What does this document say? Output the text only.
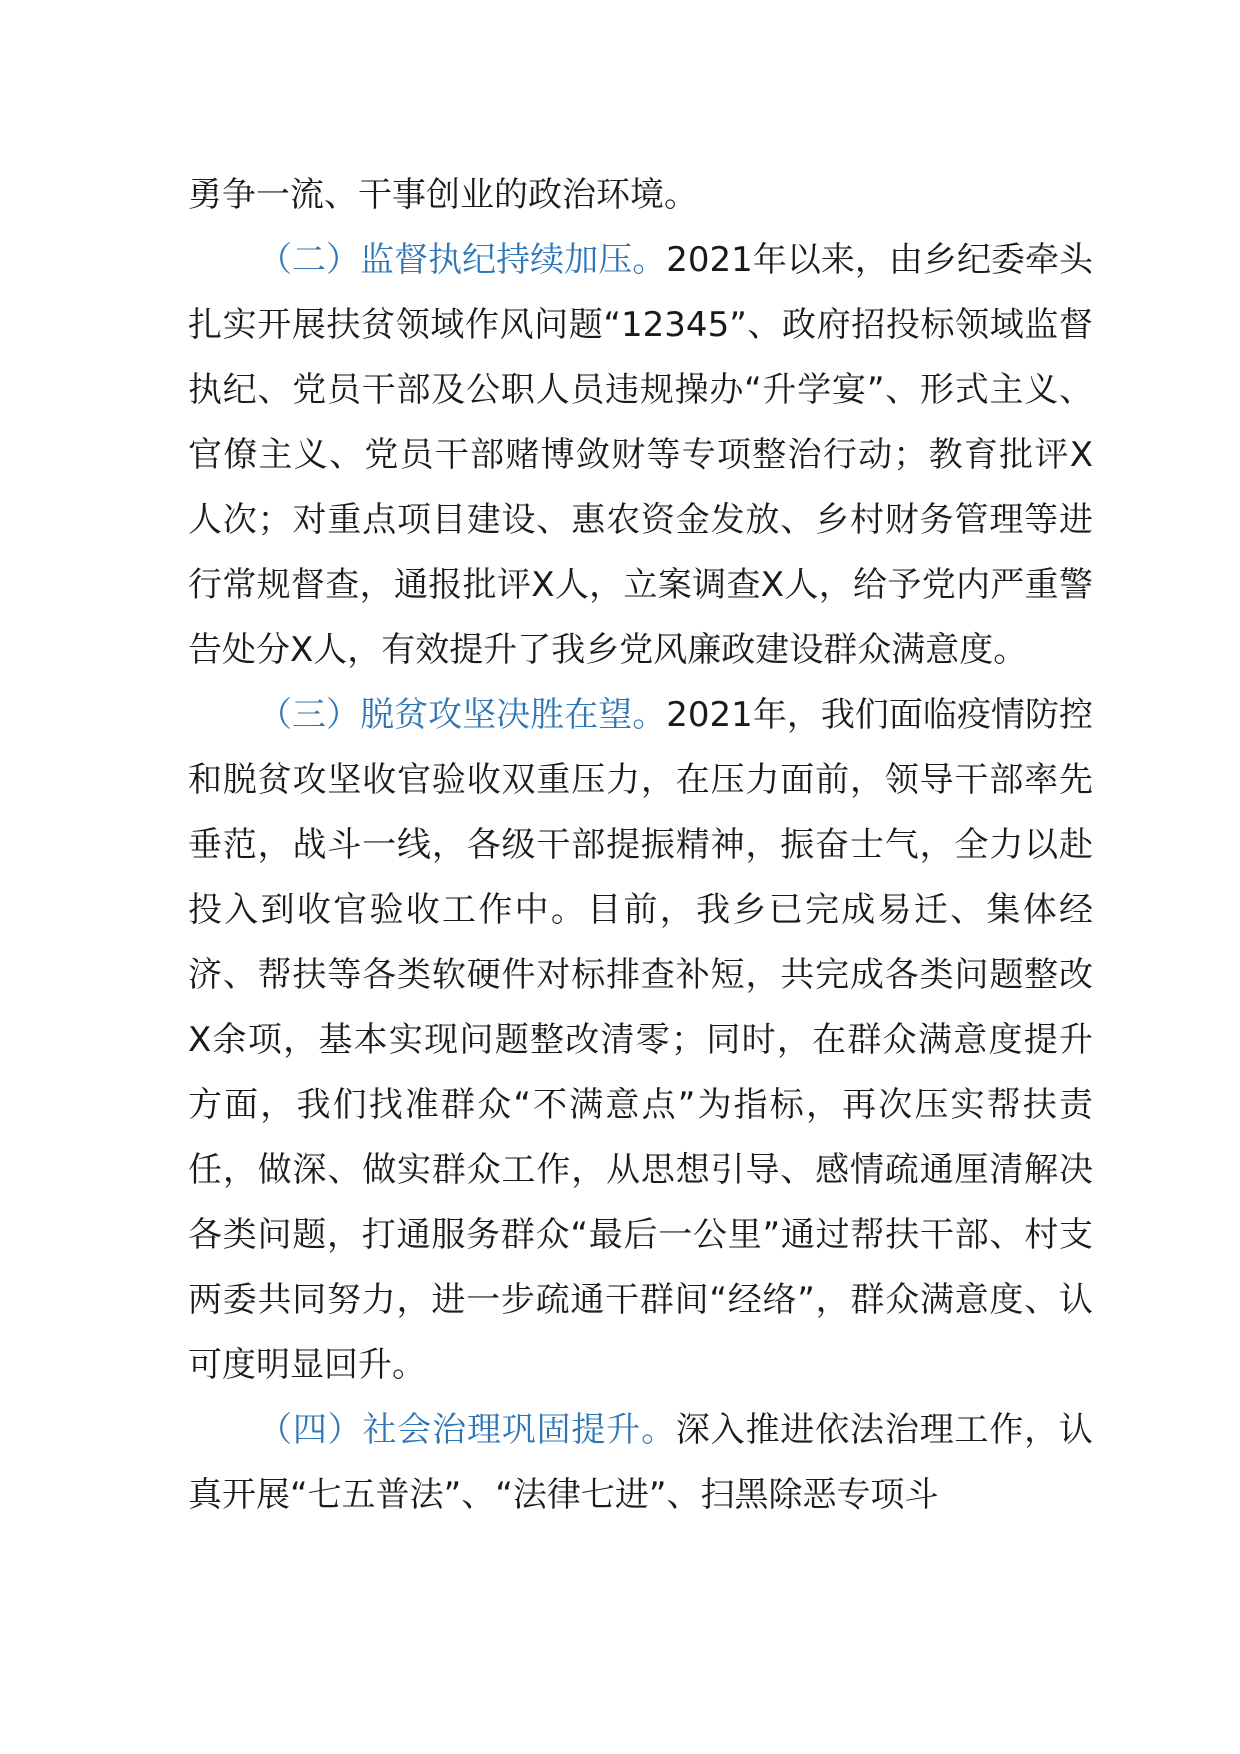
勇争一流、干事创业的政治环境。

（二）监督执纪持续加压。2021年以来，由乡纪委牵头扎实开展扶贫领域作风问题“12345”、政府招投标领域监督执纪、党员干部及公职人员违规操办“升学宴”、形式主义、官僚主义、党员干部赌博敛财等专项整治行动；教育批评X人次；对重点项目建设、惠农资金发放、乡村财务管理等进行常规督查，通报批评X人，立案调查X人，给予党内严重警告处分X人，有效提升了我乡党风廉政建设群众满意度。

（三）脱贫攻坚决胜在望。2021年，我们面临疫情防控和脱贫攻坚收官验收双重压力，在压力面前，领导干部率先垂范，战斗一线，各级干部提振精神，振奋士气，全力以赴投入到收官验收工作中。目前，我乡已完成易迁、集体经济、帮扶等各类软硬件对标排查补短，共完成各类问题整改X余项，基本实现问题整改清零；同时，在群众满意度提升方面，我们找准群众“不满意点”为指标，再次压实帮扶责任，做深、做实群众工作，从思想引导、感情疏通厘清解决各类问题，打通服务群众“最后一公里”通过帮扶干部、村支两委共同努力，进一步疏通干群间“经络”，群众满意度、认可度明显回升。

（四）社会治理巩固提升。深入推进依法治理工作，认真开展“七五普法”、“法律七进”、扫黑除恶专项斗
